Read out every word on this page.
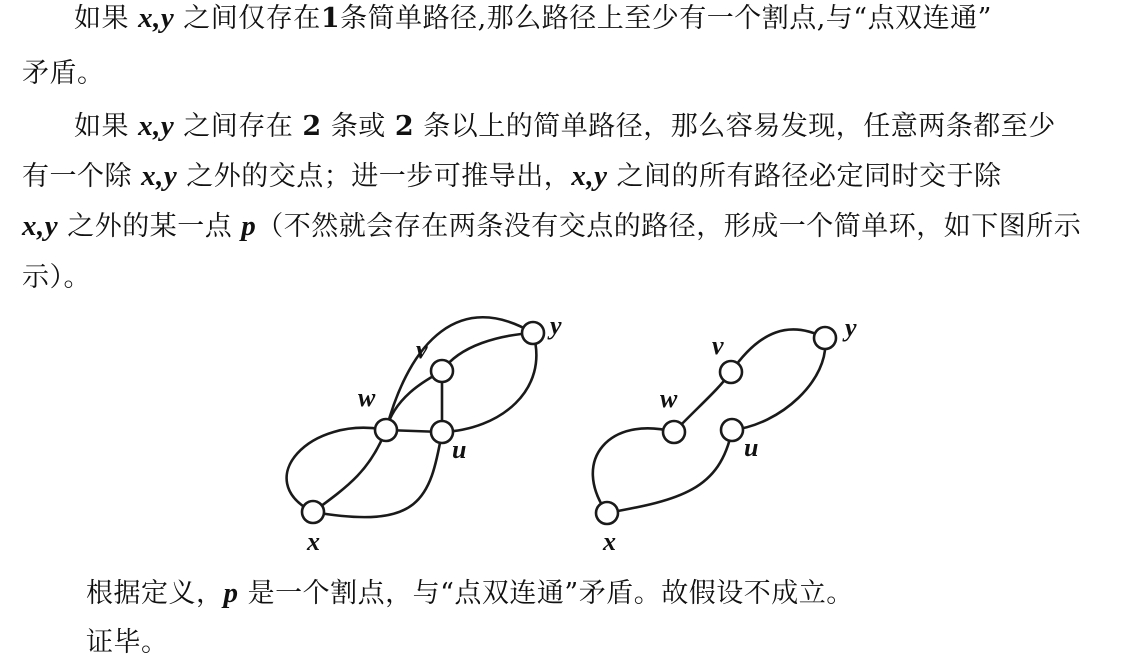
如果 x,y 之间仅存在1条简单路径,那么路径上至少有一个割点,与“点双连通”
矛盾。
如果 x,y 之间存在 2 条或 2 条以上的简单路径，那么容易发现，任意两条都至少
有一个除 x,y 之外的交点；进一步可推导出，x,y 之间的所有路径必定同时交于除
x,y 之外的某一点 p（不然就会存在两条没有交点的路径，形成一个简单环，如下图所示
示）。
x
w
u
v
y
x
w
u
v
y
根据定义，p 是一个割点，与“点双连通”矛盾。故假设不成立。
证毕。
